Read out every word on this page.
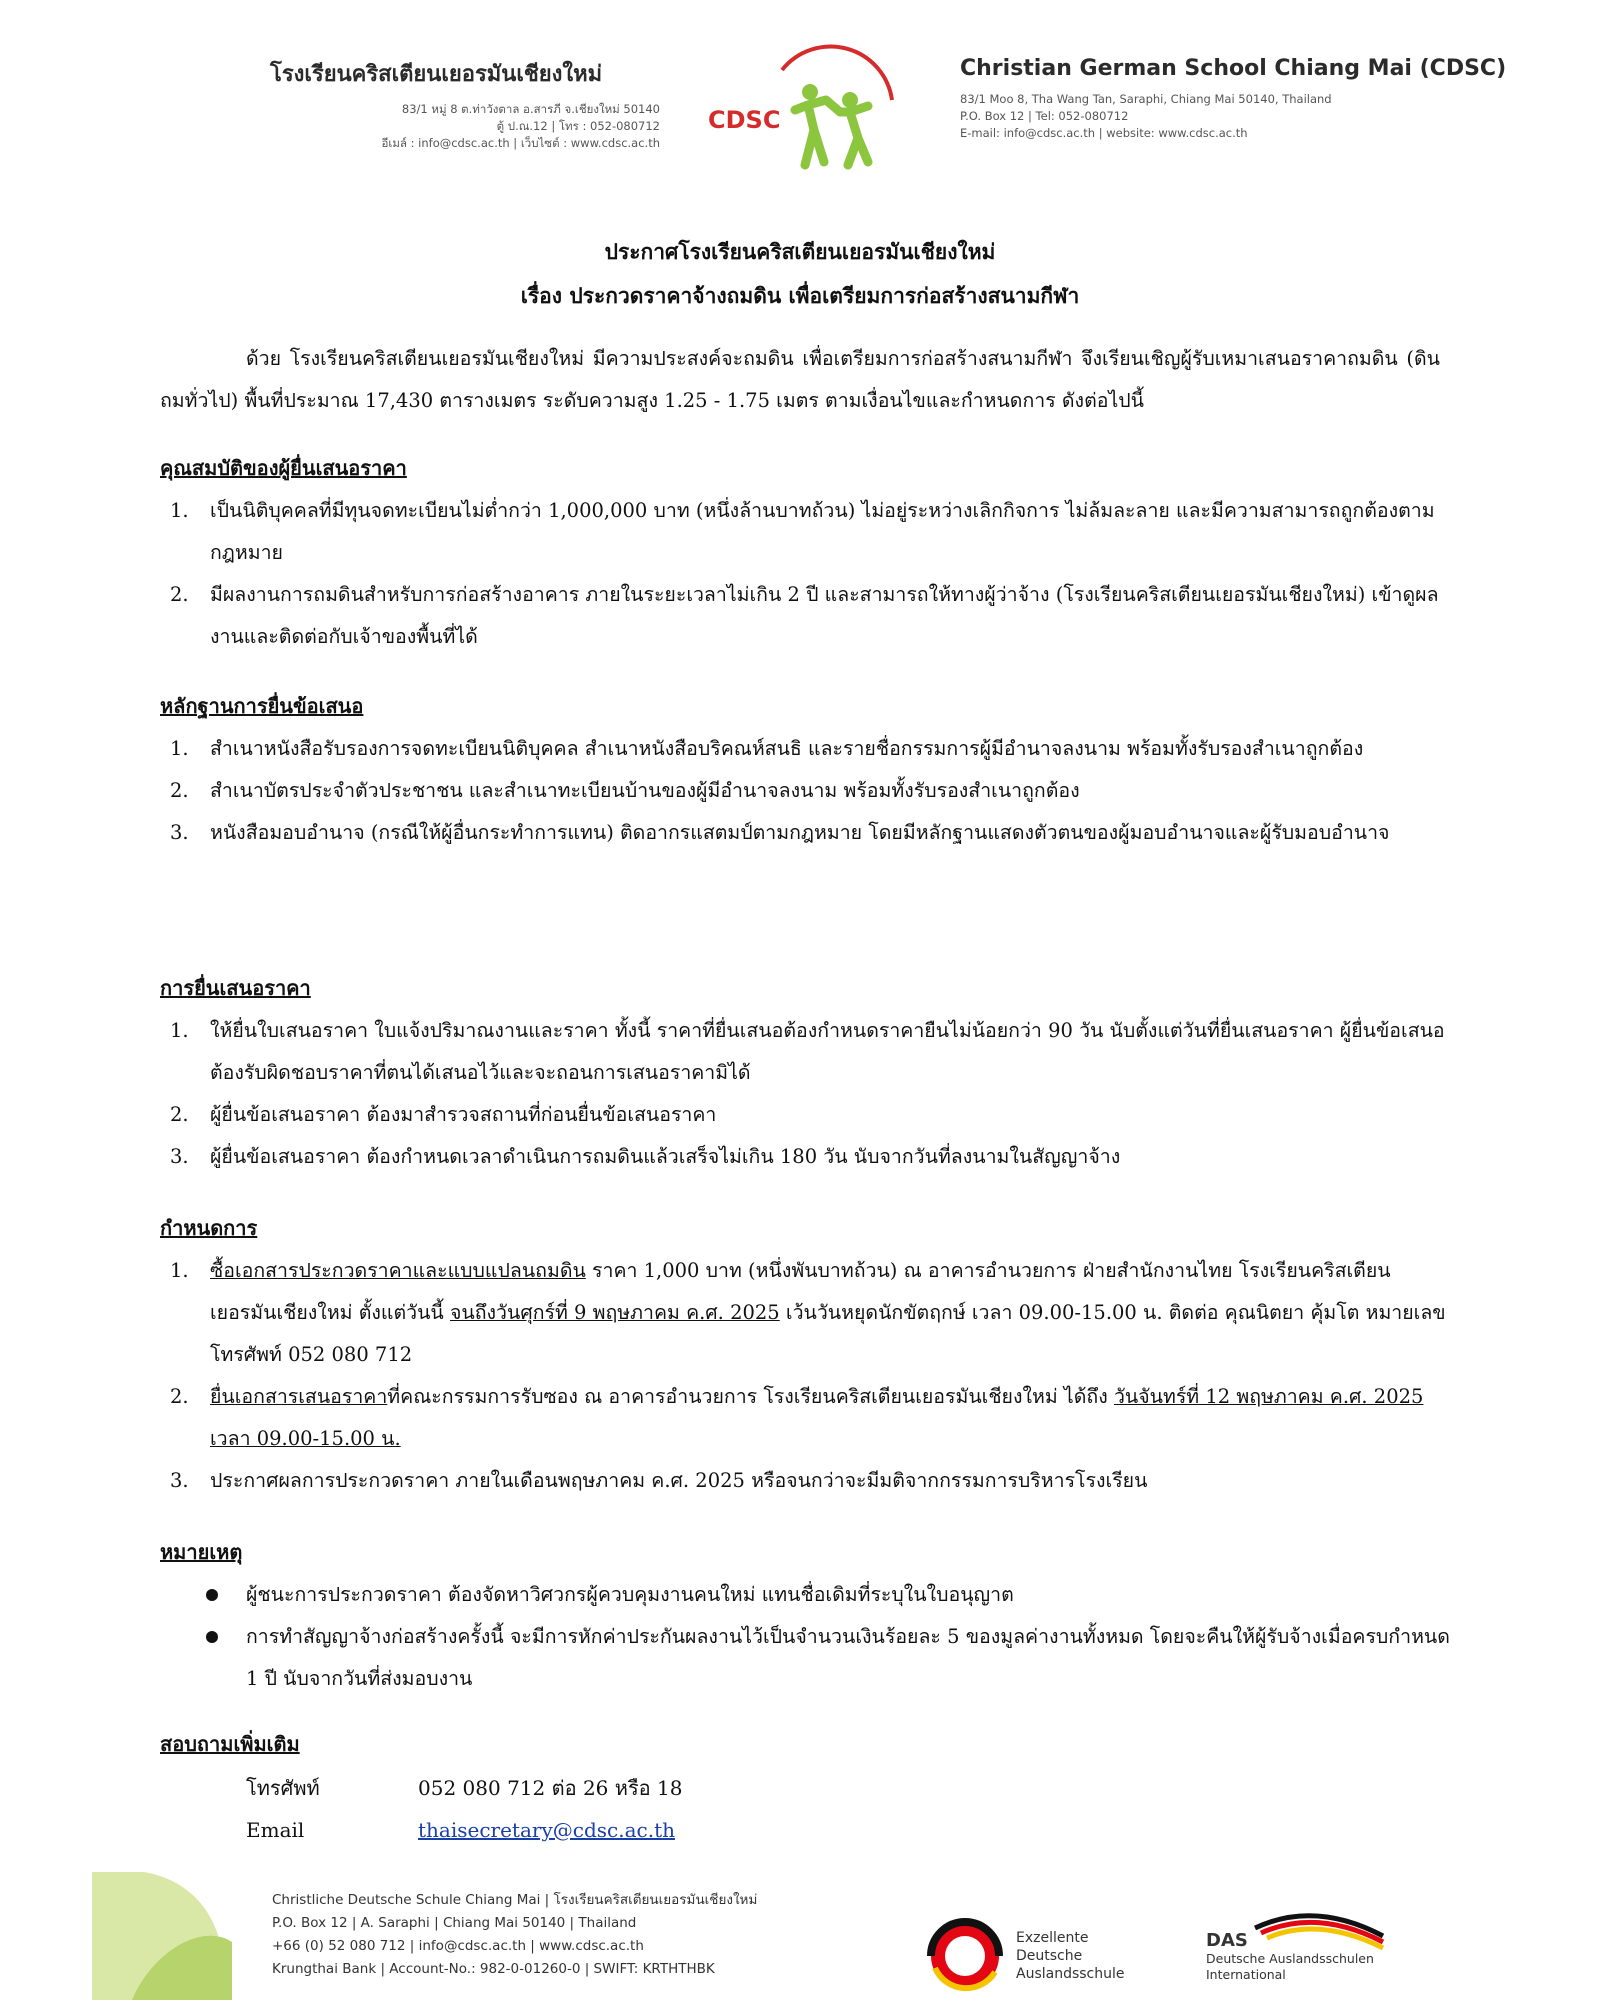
โรงเรียนคริสเตียนเยอรมันเชียงใหม่
83/1 หมู่ 8 ต.ท่าวังตาล อ.สารภี จ.เชียงใหม่ 50140
ตู้ ป.ณ.12 | โทร : 052-080712
อีเมล์ : info@cdsc.ac.th | เว็บไซต์ : www.cdsc.ac.th
CDSC
Christian German School Chiang Mai (CDSC)
83/1 Moo 8, Tha Wang Tan, Saraphi, Chiang Mai 50140, Thailand
P.O. Box 12 | Tel: 052-080712
E-mail: info@cdsc.ac.th | website: www.cdsc.ac.th
ประกาศโรงเรียนคริสเตียนเยอรมันเชียงใหม่
เรื่อง ประกวดราคาจ้างถมดิน เพื่อเตรียมการก่อสร้างสนามกีฬา
ด้วย โรงเรียนคริสเตียนเยอรมันเชียงใหม่ มีความประสงค์จะถมดิน เพื่อเตรียมการก่อสร้างสนามกีฬา จึงเรียนเชิญผู้รับเหมาเสนอราคาถมดิน (ดินถมทั่วไป) พื้นที่ประมาณ 17,430 ตารางเมตร ระดับความสูง 1.25 - 1.75 เมตร ตามเงื่อนไขและกำหนดการ ดังต่อไปนี้
คุณสมบัติของผู้ยื่นเสนอราคา
1. เป็นนิติบุคคลที่มีทุนจดทะเบียนไม่ต่ำกว่า 1,000,000 บาท (หนึ่งล้านบาทถ้วน) ไม่อยู่ระหว่างเลิกกิจการ ไม่ล้มละลาย และมีความสามารถถูกต้องตามกฎหมาย
2. มีผลงานการถมดินสำหรับการก่อสร้างอาคาร ภายในระยะเวลาไม่เกิน 2 ปี และสามารถให้ทางผู้ว่าจ้าง (โรงเรียนคริสเตียนเยอรมันเชียงใหม่) เข้าดูผลงานและติดต่อกับเจ้าของพื้นที่ได้
หลักฐานการยื่นข้อเสนอ
1. สำเนาหนังสือรับรองการจดทะเบียนนิติบุคคล สำเนาหนังสือบริคณห์สนธิ และรายชื่อกรรมการผู้มีอำนาจลงนาม พร้อมทั้งรับรองสำเนาถูกต้อง
2. สำเนาบัตรประจำตัวประชาชน และสำเนาทะเบียนบ้านของผู้มีอำนาจลงนาม พร้อมทั้งรับรองสำเนาถูกต้อง
3. หนังสือมอบอำนาจ (กรณีให้ผู้อื่นกระทำการแทน) ติดอากรแสตมป์ตามกฎหมาย โดยมีหลักฐานแสดงตัวตนของผู้มอบอำนาจและผู้รับมอบอำนาจ
การยื่นเสนอราคา
1. ให้ยื่นใบเสนอราคา ใบแจ้งปริมาณงานและราคา ทั้งนี้ ราคาที่ยื่นเสนอต้องกำหนดราคายืนไม่น้อยกว่า 90 วัน นับตั้งแต่วันที่ยื่นเสนอราคา ผู้ยื่นข้อเสนอต้องรับผิดชอบราคาที่ตนได้เสนอไว้และจะถอนการเสนอราคามิได้
2. ผู้ยื่นข้อเสนอราคา ต้องมาสำรวจสถานที่ก่อนยื่นข้อเสนอราคา
3. ผู้ยื่นข้อเสนอราคา ต้องกำหนดเวลาดำเนินการถมดินแล้วเสร็จไม่เกิน 180 วัน นับจากวันที่ลงนามในสัญญาจ้าง
กำหนดการ
1. ซื้อเอกสารประกวดราคาและแบบแปลนถมดิน ราคา 1,000 บาท (หนึ่งพันบาทถ้วน) ณ อาคารอำนวยการ ฝ่ายสำนักงานไทย โรงเรียนคริสเตียนเยอรมันเชียงใหม่ ตั้งแต่วันนี้ จนถึงวันศุกร์ที่ 9 พฤษภาคม ค.ศ. 2025 เว้นวันหยุดนักขัตฤกษ์ เวลา 09.00-15.00 น. ติดต่อ คุณนิตยา คุ้มโต หมายเลขโทรศัพท์ 052 080 712
2. ยื่นเอกสารเสนอราคาที่คณะกรรมการรับซอง ณ อาคารอำนวยการ โรงเรียนคริสเตียนเยอรมันเชียงใหม่ ได้ถึง วันจันทร์ที่ 12 พฤษภาคม ค.ศ. 2025 เวลา 09.00-15.00 น.
3. ประกาศผลการประกวดราคา ภายในเดือนพฤษภาคม ค.ศ. 2025 หรือจนกว่าจะมีมติจากกรรมการบริหารโรงเรียน
หมายเหตุ
ผู้ชนะการประกวดราคา ต้องจัดหาวิศวกรผู้ควบคุมงานคนใหม่ แทนชื่อเดิมที่ระบุในใบอนุญาต
การทำสัญญาจ้างก่อสร้างครั้งนี้ จะมีการหักค่าประกันผลงานไว้เป็นจำนวนเงินร้อยละ 5 ของมูลค่างานทั้งหมด โดยจะคืนให้ผู้รับจ้างเมื่อครบกำหนด 1 ปี นับจากวันที่ส่งมอบงาน
สอบถามเพิ่มเติม
โทรศัพท์	052 080 712 ต่อ 26 หรือ 18
Email	thaisecretary@cdsc.ac.th
Christliche Deutsche Schule Chiang Mai | โรงเรียนคริสเตียนเยอรมันเชียงใหม่
P.O. Box 12 | A. Saraphi | Chiang Mai 50140 | Thailand
+66 (0) 52 080 712 | info@cdsc.ac.th | www.cdsc.ac.th
Krungthai Bank | Account-No.: 982-0-01260-0 | SWIFT: KRTHTHBK
Exzellente
Deutsche
Auslandsschule
DAS
Deutsche Auslandsschulen
International
